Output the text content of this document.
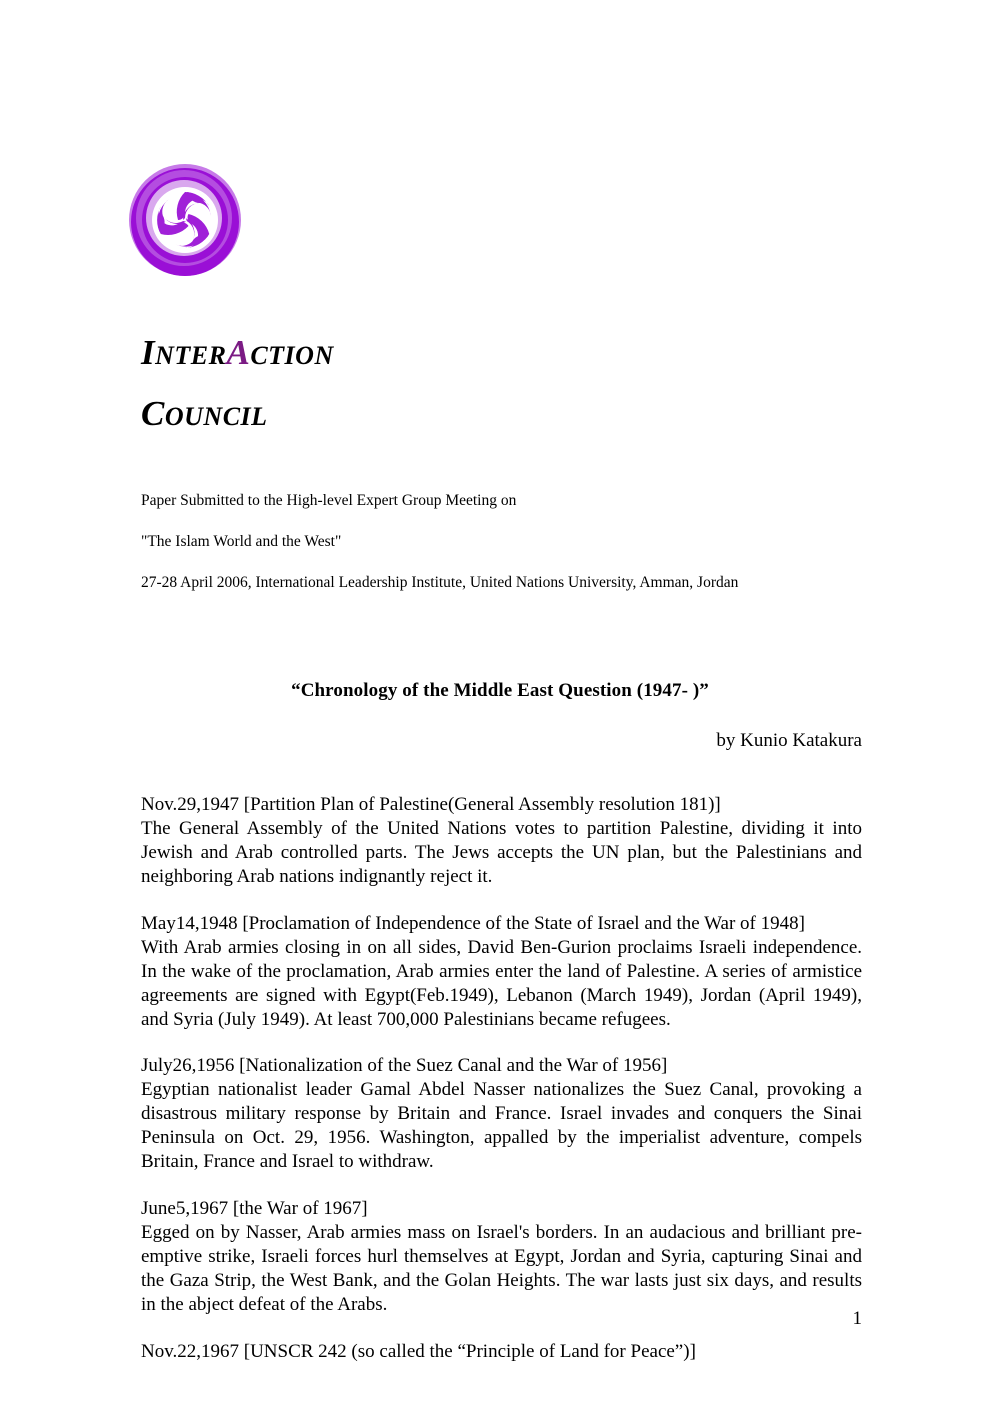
INTERACTION
COUNCIL

Paper Submitted to the High-level Expert Group Meeting on

"The Islam World and the West"

27-28 April 2006, International Leadership Institute, United Nations University, Amman, Jordan

“Chronology of the Middle East Question (1947- )”
by Kunio Katakura

Nov.29,1947 [Partition Plan of Palestine(General Assembly resolution 181)]

The General Assembly of the United Nations votes to partition Palestine, dividing it into Jewish and Arab controlled parts. The Jews accepts the UN plan, but the Palestinians and neighboring Arab nations indignantly reject it.

May14,1948 [Proclamation of Independence of the State of Israel and the War of 1948]

With Arab armies closing in on all sides, David Ben-Gurion proclaims Israeli independence. In the wake of the proclamation, Arab armies enter the land of Palestine. A series of armistice agreements are signed with Egypt(Feb.1949), Lebanon (March 1949), Jordan (April 1949), and Syria (July 1949). At least 700,000 Palestinians became refugees.

July26,1956 [Nationalization of the Suez Canal and the War of 1956]

Egyptian nationalist leader Gamal Abdel Nasser nationalizes the Suez Canal, provoking a disastrous military response by Britain and France. Israel invades and conquers the Sinai Peninsula on Oct. 29, 1956. Washington, appalled by the imperialist adventure, compels Britain, France and Israel to withdraw.

June5,1967 [the War of 1967]

Egged on by Nasser, Arab armies mass on Israel's borders. In an audacious and brilliant pre-emptive strike, Israeli forces hurl themselves at Egypt, Jordan and Syria, capturing Sinai and the Gaza Strip, the West Bank, and the Golan Heights. The war lasts just six days, and results in the abject defeat of the Arabs.

Nov.22,1967 [UNSCR 242 (so called the “Principle of Land for Peace”)]

1
